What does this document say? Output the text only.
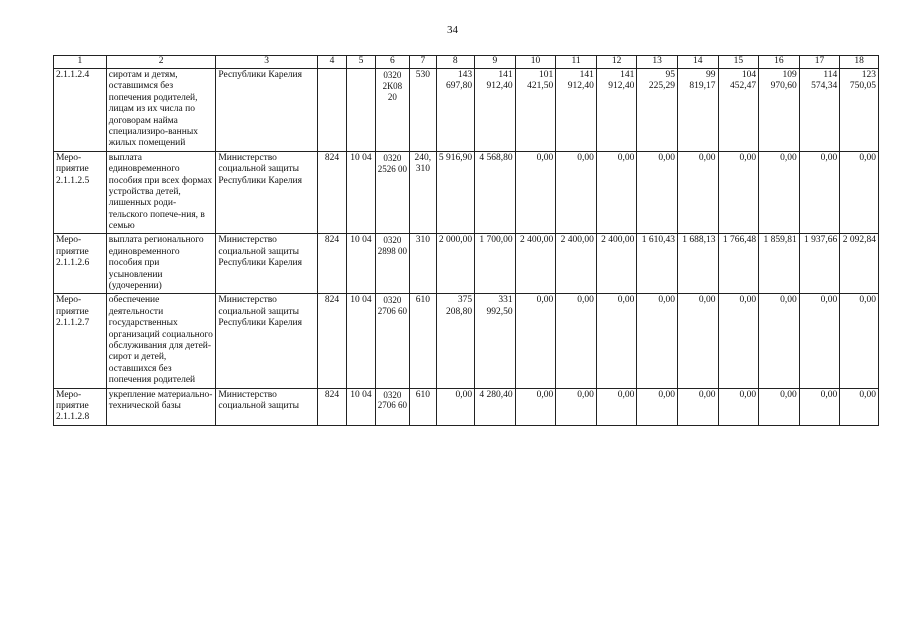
34
1	2	3	4	5	6	7	8	9	10	11	12	13	14	15	16	17	18
2.1.1.2.4	сиротам и детям, оставшимся без попечения родителей, лицам из их числа по договорам найма специализиро-ванных жилых помещений	Республики Карелия			0320 2К08 20	530	143 697,80	141 912,40	101 421,50	141 912,40	141 912,40	95 225,29	99 819,17	104 452,47	109 970,60	114 574,34	123 750,05
Меро-приятие 2.1.1.2.5	выплата единовременного пособия при всех формах устройства детей, лишенных роди-тельского попече-ния, в семью	Министерство социальной защиты Республики Карелия	824	10 04	0320 2526 00	240, 310	5 916,90	4 568,80	0,00	0,00	0,00	0,00	0,00	0,00	0,00	0,00	0,00
Меро-приятие 2.1.1.2.6	выплата регионального единовременного пособия при усыновлении (удочерении)	Министерство социальной защиты Республики Карелия	824	10 04	0320 2898 00	310	2 000,00	1 700,00	2 400,00	2 400,00	2 400,00	1 610,43	1 688,13	1 766,48	1 859,81	1 937,66	2 092,84
Меро-приятие 2.1.1.2.7	обеспечение деятельности государственных организаций социального обслуживания для детей-сирот и детей, оставшихся без попечения родителей	Министерство социальной защиты Республики Карелия	824	10 04	0320 2706 60	610	375 208,80	331 992,50	0,00	0,00	0,00	0,00	0,00	0,00	0,00	0,00	0,00
Меро-приятие 2.1.1.2.8	укрепление материально-технической базы	Министерство социальной защиты	824	10 04	0320 2706 60	610	0,00	4 280,40	0,00	0,00	0,00	0,00	0,00	0,00	0,00	0,00	0,00
